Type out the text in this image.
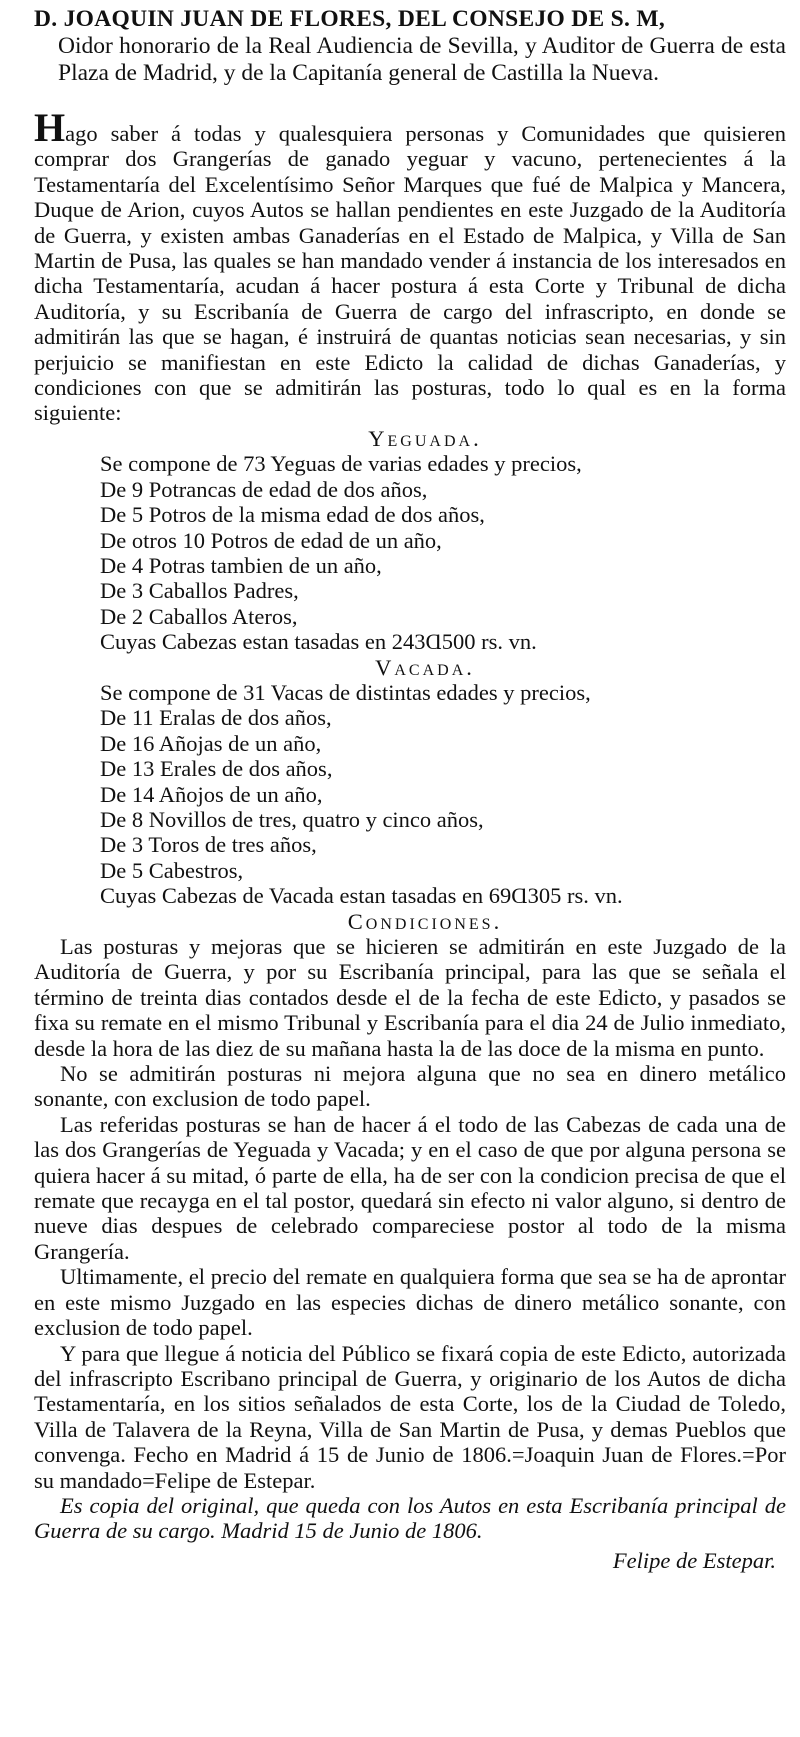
D. JOAQUIN JUAN DE FLORES, DEL CONSEJO DE S. M,
Oidor honorario de la Real Audiencia de Sevilla, y Auditor de Guerra de esta Plaza de Madrid, y de la Capitanía general de Castilla la Nueva.

Hago saber á todas y qualesquiera personas y Comunidades que quisieren comprar dos Grangerías de ganado yeguar y vacuno, pertenecientes á la Testamentaría del Excelentísimo Señor Marques que fué de Malpica y Mancera, Duque de Arion, cuyos Autos se hallan pendientes en este Juzgado de la Auditoría de Guerra, y existen ambas Ganaderías en el Estado de Malpica, y Villa de San Martin de Pusa, las quales se han mandado vender á instancia de los interesados en dicha Testamentaría, acudan á hacer postura á esta Corte y Tribunal de dicha Auditoría, y su Escribanía de Guerra de cargo del infrascripto, en donde se admitirán las que se hagan, é instruirá de quantas noticias sean necesarias, y sin perjuicio se manifiestan en este Edicto la calidad de dichas Ganaderías, y condiciones con que se admitirán las posturas, todo lo qual es en la forma siguiente:

Yeguada.

Se compone de 73 Yeguas de varias edades y precios,
De 9 Potrancas de edad de dos años,
De 5 Potros de la misma edad de dos años,
De otros 10 Potros de edad de un año,
De 4 Potras tambien de un año,
De 3 Caballos Padres,
De 2 Caballos Ateros,
Cuyas Cabezas estan tasadas en 243Ɑ500 rs. vn.

Vacada.

Se compone de 31 Vacas de distintas edades y precios,
De 11 Eralas de dos años,
De 16 Añojas de un año,
De 13 Erales de dos años,
De 14 Añojos de un año,
De 8 Novillos de tres, quatro y cinco años,
De 3 Toros de tres años,
De 5 Cabestros,
Cuyas Cabezas de Vacada estan tasadas en 69Ɑ305 rs. vn.

Condiciones.

Las posturas y mejoras que se hicieren se admitirán en este Juzgado de la Auditoría de Guerra, y por su Escribanía principal, para las que se señala el término de treinta dias contados desde el de la fecha de este Edicto, y pasados se fixa su remate en el mismo Tribunal y Escribanía para el dia 24 de Julio inmediato, desde la hora de las diez de su mañana hasta la de las doce de la misma en punto.

No se admitirán posturas ni mejora alguna que no sea en dinero metálico sonante, con exclusion de todo papel.

Las referidas posturas se han de hacer á el todo de las Cabezas de cada una de las dos Grangerías de Yeguada y Vacada; y en el caso de que por alguna persona se quiera hacer á su mitad, ó parte de ella, ha de ser con la condicion precisa de que el remate que recayga en el tal postor, quedará sin efecto ni valor alguno, si dentro de nueve dias despues de celebrado compareciese postor al todo de la misma Grangería.

Ultimamente, el precio del remate en qualquiera forma que sea se ha de aprontar en este mismo Juzgado en las especies dichas de dinero metálico sonante, con exclusion de todo papel.

Y para que llegue á noticia del Público se fixará copia de este Edicto, autorizada del infrascripto Escribano principal de Guerra, y originario de los Autos de dicha Testamentaría, en los sitios señalados de esta Corte, los de la Ciudad de Toledo, Villa de Talavera de la Reyna, Villa de San Martin de Pusa, y demas Pueblos que convenga. Fecho en Madrid á 15 de Junio de 1806.=Joaquin Juan de Flores.=Por su mandado=Felipe de Estepar.

Es copia del original, que queda con los Autos en esta Escribanía principal de Guerra de su cargo. Madrid 15 de Junio de 1806.

Felipe de Estepar.
